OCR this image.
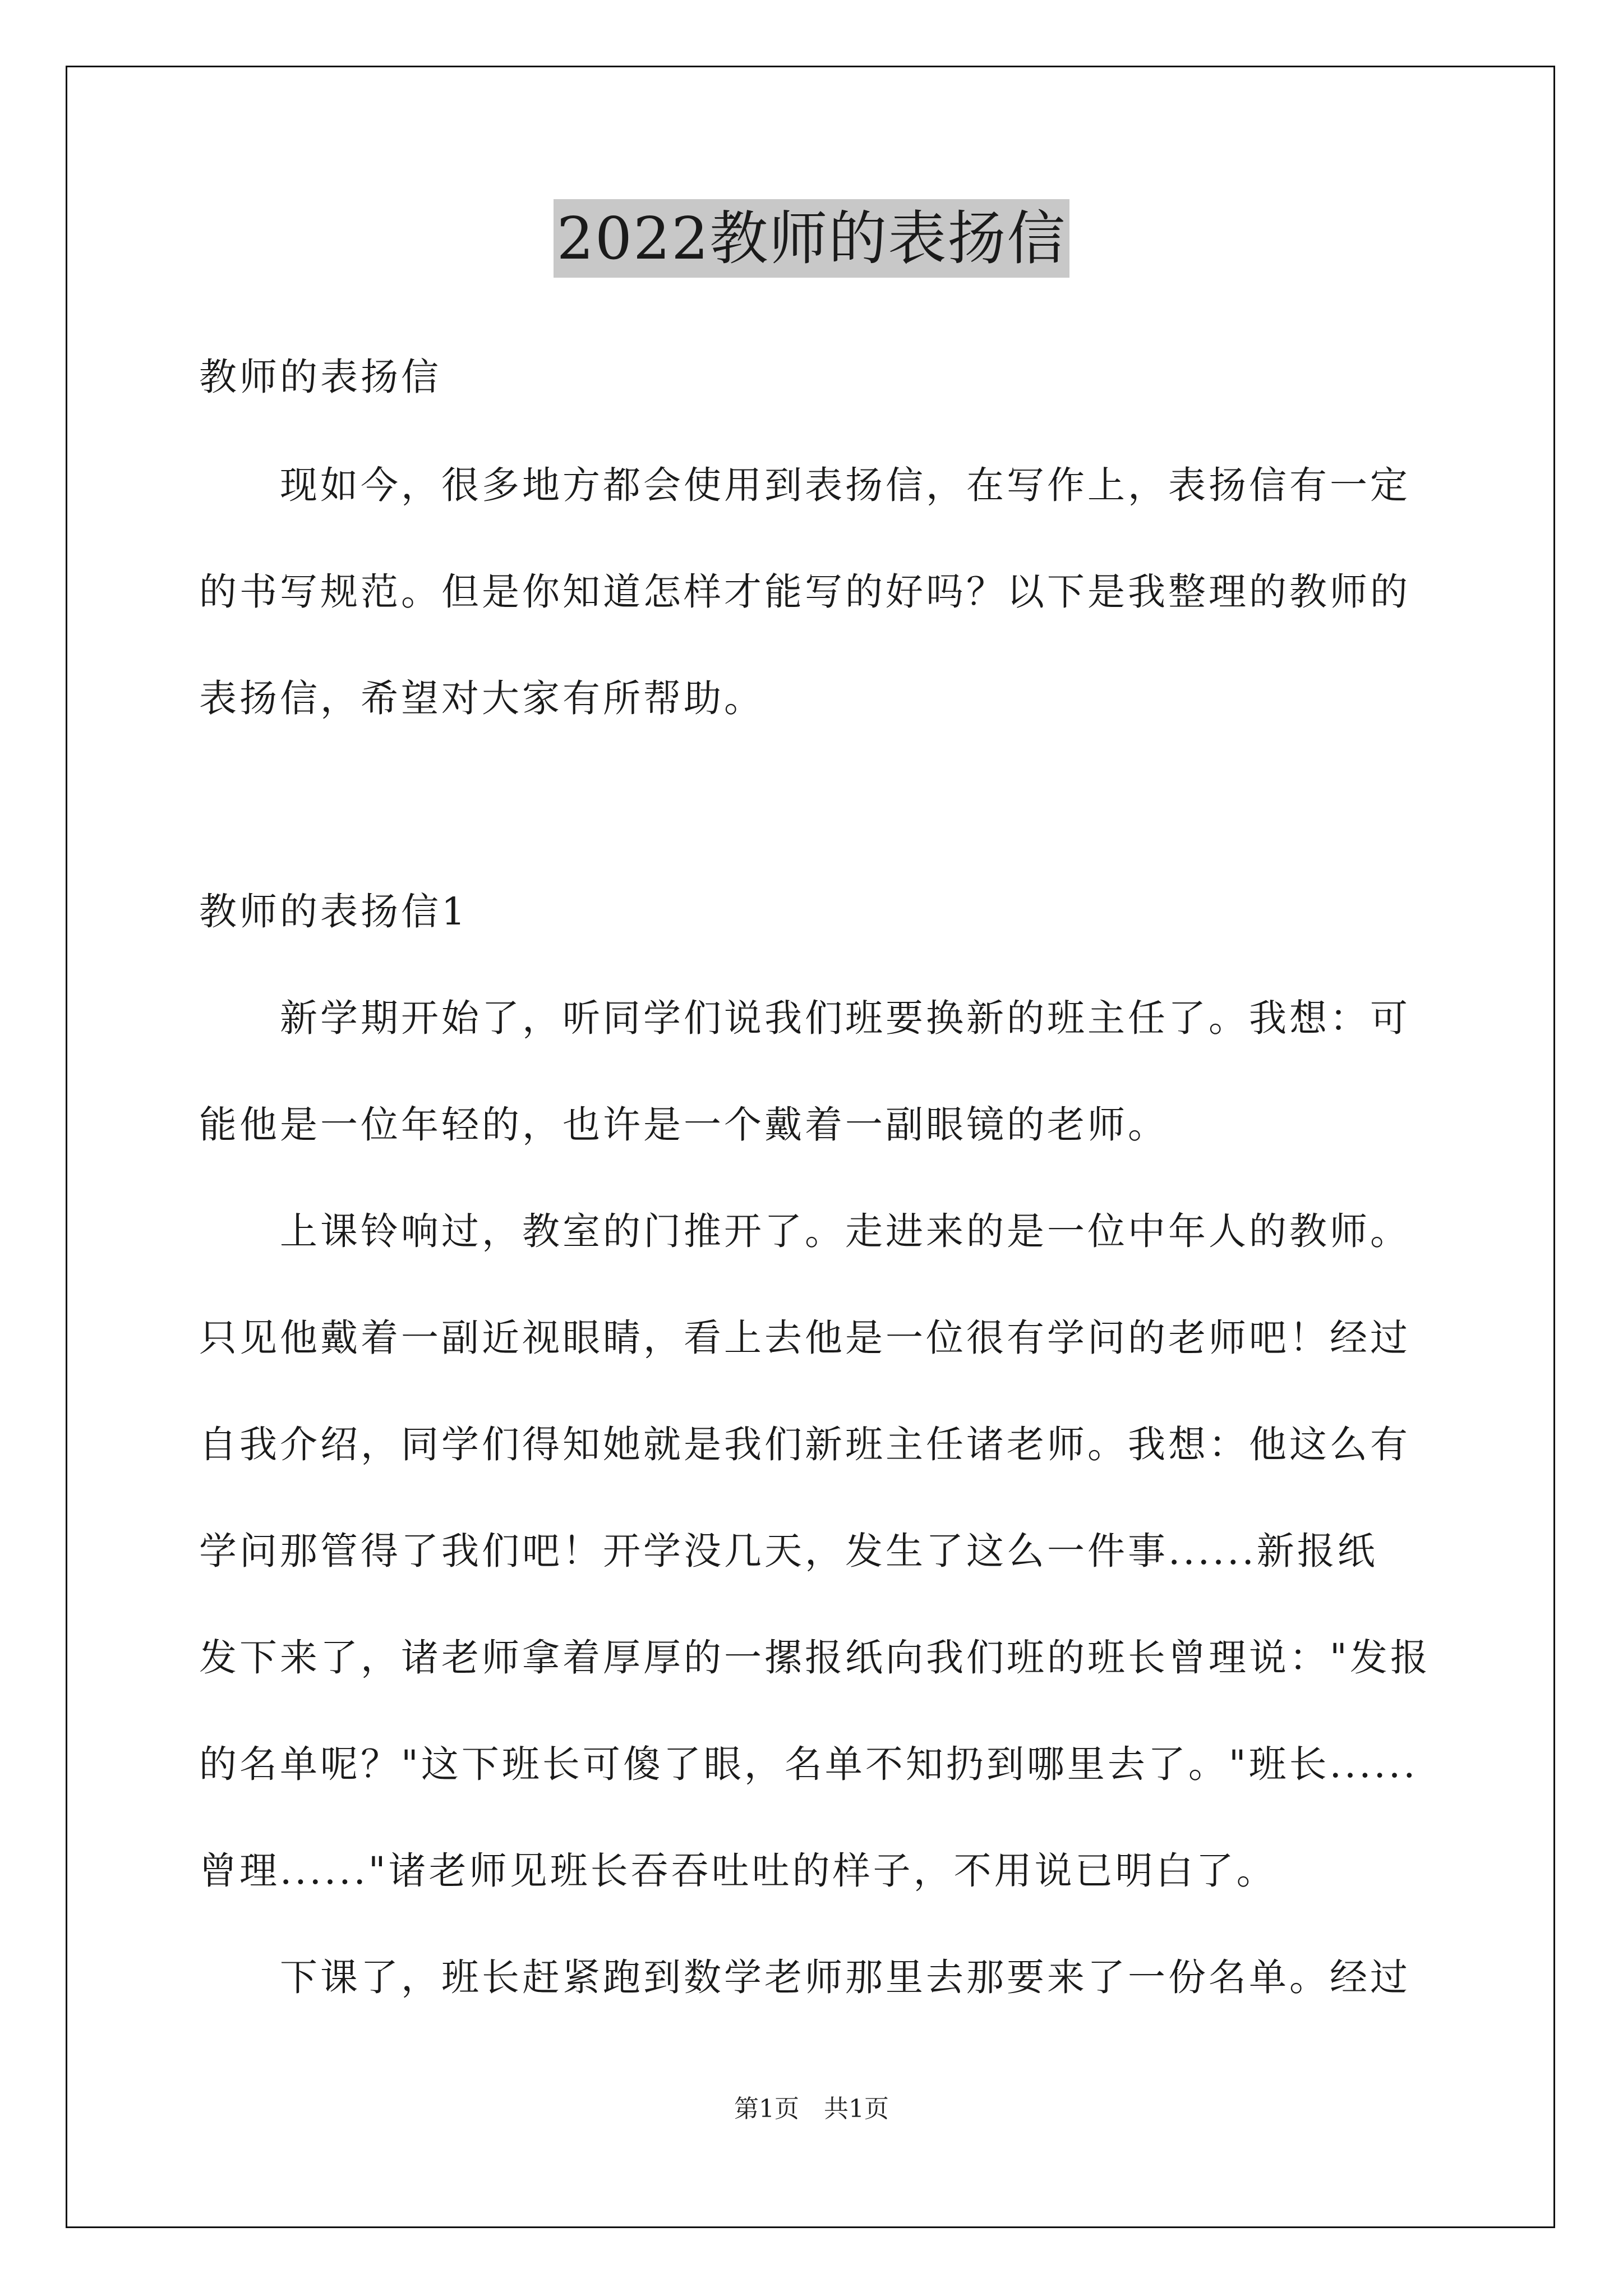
2022教师的表扬信
教师的表扬信
　　现如今，很多地方都会使用到表扬信，在写作上，表扬信有一定
的书写规范。但是你知道怎样才能写的好吗？以下是我整理的教师的
表扬信，希望对大家有所帮助。
教师的表扬信1
　　新学期开始了，听同学们说我们班要换新的班主任了。我想：可
能他是一位年轻的，也许是一个戴着一副眼镜的老师。
　　上课铃响过，教室的门推开了。走进来的是一位中年人的教师。
只见他戴着一副近视眼睛，看上去他是一位很有学问的老师吧！经过
自我介绍，同学们得知她就是我们新班主任诸老师。我想：他这么有
学问那管得了我们吧！开学没几天，发生了这么一件事......新报纸
发下来了，诸老师拿着厚厚的一摞报纸向我们班的班长曾理说："发报
的名单呢？"这下班长可傻了眼，名单不知扔到哪里去了。"班长......
曾理......"诸老师见班长吞吞吐吐的样子，不用说已明白了。
　　下课了，班长赶紧跑到数学老师那里去那要来了一份名单。经过
第1页　共1页
